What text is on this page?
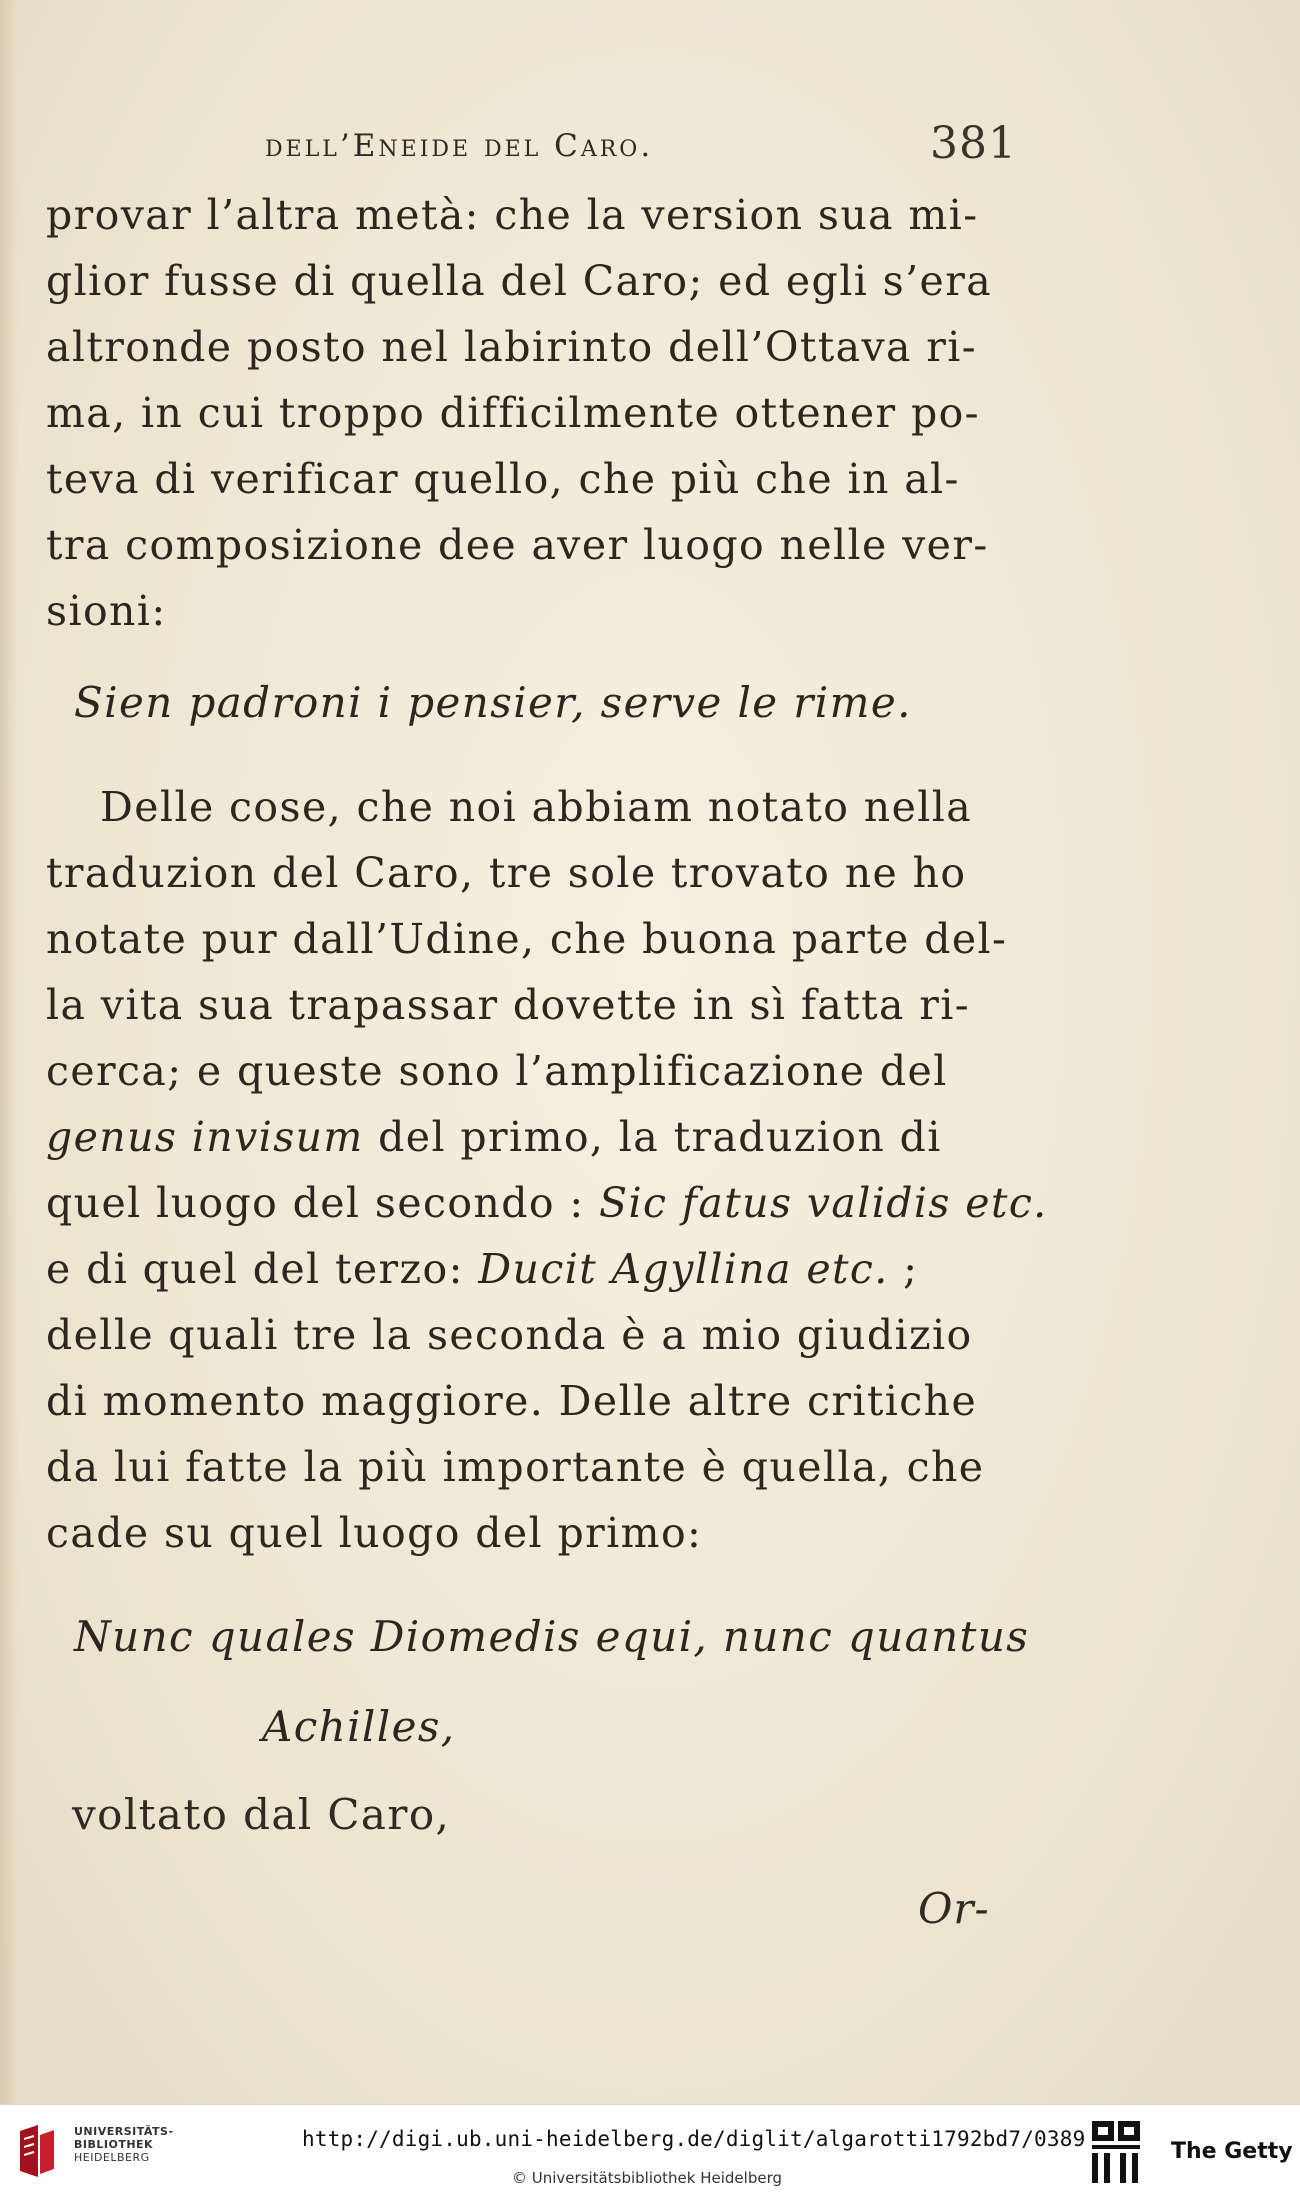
dell’Eneide del Caro.	381
provar l’altra metà: che la version sua mi-
glior fusse di quella del Caro; ed egli s’era
altronde posto nel labirinto dell’Ottava ri-
ma, in cui troppo difficilmente ottener po-
teva di verificar quello, che più che in al-
tra composizione dee aver luogo nelle ver-
sioni:
Sien padroni i pensier, serve le rime.
Delle cose, che noi abbiam notato nella
traduzion del Caro, tre sole trovato ne ho
notate pur dall’Udine, che buona parte del-
la vita sua trapassar dovette in sì fatta ri-
cerca; e queste sono l’amplificazione del
genus invisum del primo, la traduzion di
quel luogo del secondo : Sic fatus validis etc.
e di quel del terzo: Ducit Agyllina etc. ;
delle quali tre la seconda è a mio giudizio
di momento maggiore. Delle altre critiche
da lui fatte la più importante è quella, che
cade su quel luogo del primo:
Nunc quales Diomedis equi, nunc quantus
Achilles,
voltato dal Caro,
Or-
UNIVERSITÄTS-
BIBLIOTHEK
HEIDELBERG
http://digi.ub.uni-heidelberg.de/diglit/algarotti1792bd7/0389
© Universitätsbibliothek Heidelberg
The Getty
